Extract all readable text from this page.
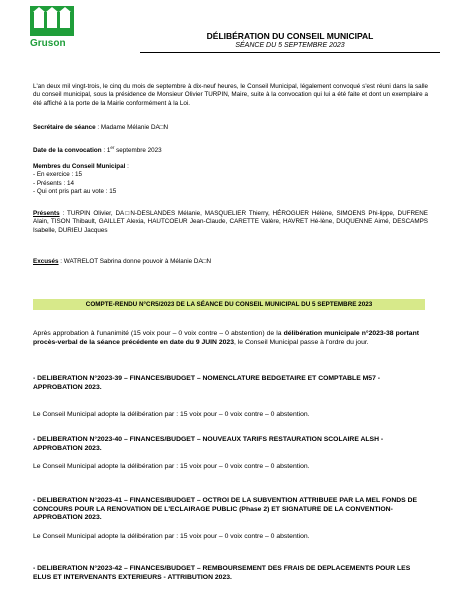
Gruson
DÉLIBÉRATION DU CONSEIL MUNICIPAL
SÉANCE DU 5 SEPTEMBRE 2023
L'an deux mil vingt-trois, le cinq du mois de septembre à dix-neuf heures, le Conseil Municipal, légalement convoqué s'est réuni dans la salle du conseil municipal, sous la présidence de Monsieur Olivier TURPIN, Maire, suite à la convocation qui lui a été faite et dont un exemplaire a été affiché à la porte de la Mairie conformément à la Loi.
Secrétaire de séance : Madame Mélanie DA□N
Date de la convocation : 1er septembre 2023
Membres du Conseil Municipal :
- En exercice : 15
- Présents : 14
- Qui ont pris part au vote : 15
Présents : TURPIN Olivier, DA□N-DESLANDES Mélanie, MASQUELIER Thierry, HÉROGUER Hélène, SIMOENS Phi-lippe, DUFRENE Alain, TISON Thibault, GAILLET Alexia, HAUTCOEUR Jean-Claude, CARETTE Valère, HAVRET Hé-lène, DUQUENNE Aimé, DESCAMPS Isabelle, DURIEU Jacques
Excusés : WATRELOT Sabrina donne pouvoir à Mélanie DA□N
COMPTE-RENDU N°CR5/2023 DE LA SÉANCE DU CONSEIL MUNICIPAL DU 5 SEPTEMBRE 2023
Après approbation à l'unanimité (15 voix pour – 0 voix contre – 0 abstention) de la délibération municipale n°2023-38 portant procès-verbal de la séance précédente en date du 9 JUIN 2023, le Conseil Municipal passe à l'ordre du jour.
- DELIBERATION N°2023-39 – FINANCES/BUDGET – NOMENCLATURE BEDGETAIRE ET COMPTABLE M57 - APPROBATION 2023.
Le Conseil Municipal adopte la délibération par : 15 voix pour – 0 voix contre – 0 abstention.
- DELIBERATION N°2023-40 – FINANCES/BUDGET – NOUVEAUX TARIFS RESTAURATION SCOLAIRE ALSH - APPROBATION 2023.
Le Conseil Municipal adopte la délibération par : 15 voix pour – 0 voix contre – 0 abstention.
- DELIBERATION N°2023-41 – FINANCES/BUDGET – OCTROI DE LA SUBVENTION ATTRIBUEE PAR LA MEL FONDS DE CONCOURS POUR LA RENOVATION DE L'ECLAIRAGE PUBLIC (Phase 2) ET SIGNATURE DE LA CONVENTION-APPROBATION 2023.
Le Conseil Municipal adopte la délibération par : 15 voix pour – 0 voix contre – 0 abstention.
- DELIBERATION N°2023-42 – FINANCES/BUDGET – REMBOURSEMENT DES FRAIS DE DEPLACEMENTS POUR LES ELUS ET INTERVENANTS EXTERIEURS - ATTRIBUTION 2023.
